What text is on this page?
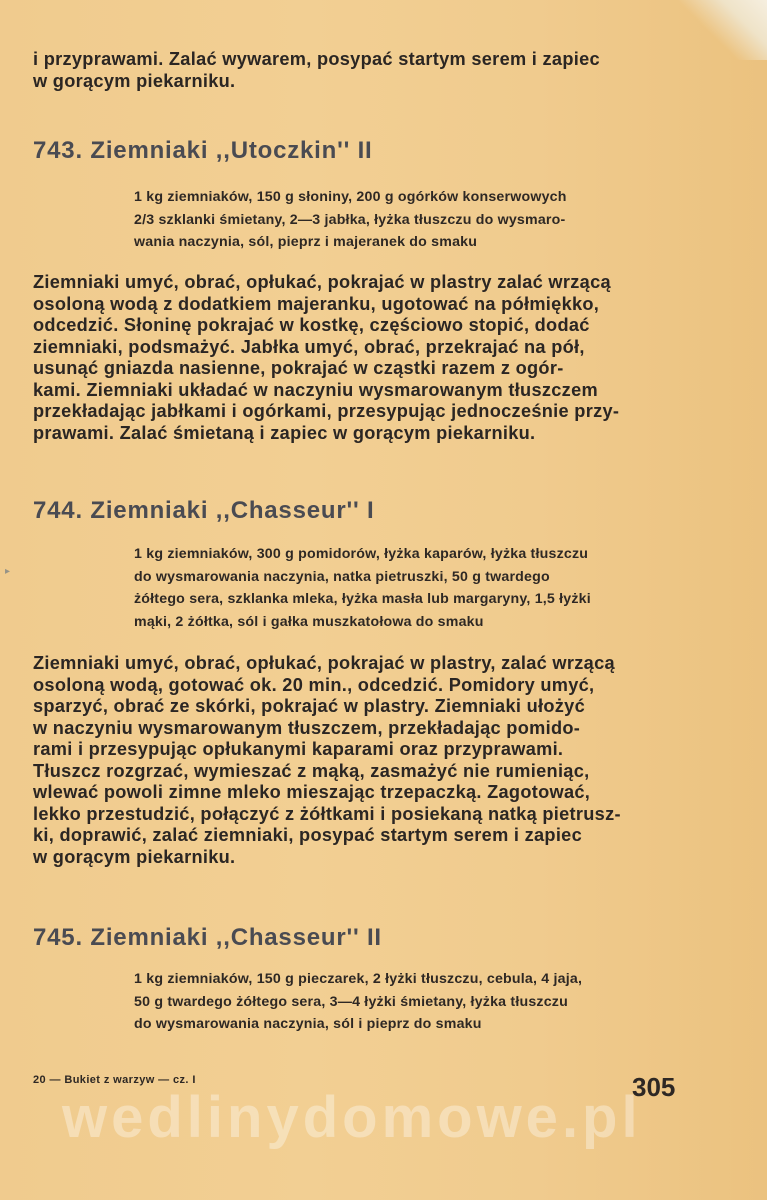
i przyprawami. Zalać wywarem, posypać startym serem i zapiec
w gorącym piekarniku.
743. Ziemniaki ,,Utoczkin'' II
1 kg ziemniaków, 150 g słoniny, 200 g ogórków konserwowych
2/3 szklanki śmietany, 2—3 jabłka, łyżka tłuszczu do wysmaro-
wania naczynia, sól, pieprz i majeranek do smaku
Ziemniaki umyć, obrać, opłukać, pokrajać w plastry zalać wrzącą
osoloną wodą z dodatkiem majeranku, ugotować na półmiękko,
odcedzić. Słoninę pokrajać w kostkę, częściowo stopić, dodać
ziemniaki, podsmażyć. Jabłka umyć, obrać, przekrajać na pół,
usunąć gniazda nasienne, pokrajać w cząstki razem z ogór-
kami. Ziemniaki układać w naczyniu wysmarowanym tłuszczem
przekładając jabłkami i ogórkami, przesypując jednocześnie przy-
prawami. Zalać śmietaną i zapiec w gorącym piekarniku.
744. Ziemniaki ,,Chasseur'' I
▸
1 kg ziemniaków, 300 g pomidorów, łyżka kaparów, łyżka tłuszczu
do wysmarowania naczynia, natka pietruszki, 50 g twardego
żółtego sera, szklanka mleka, łyżka masła lub margaryny, 1,5 łyżki
mąki, 2 żółtka, sól i gałka muszkatołowa do smaku
Ziemniaki umyć, obrać, opłukać, pokrajać w plastry, zalać wrzącą
osoloną wodą, gotować ok. 20 min., odcedzić. Pomidory umyć,
sparzyć, obrać ze skórki, pokrajać w plastry. Ziemniaki ułożyć
w naczyniu wysmarowanym tłuszczem, przekładając pomido-
rami i przesypując opłukanymi kaparami oraz przyprawami.
Tłuszcz rozgrzać, wymieszać z mąką, zasmażyć nie rumieniąc,
wlewać powoli zimne mleko mieszając trzepaczką. Zagotować,
lekko przestudzić, połączyć z żółtkami i posiekaną natką pietrusz-
ki, doprawić, zalać ziemniaki, posypać startym serem i zapiec
w gorącym piekarniku.
745. Ziemniaki ,,Chasseur'' II
1 kg ziemniaków, 150 g pieczarek, 2 łyżki tłuszczu, cebula, 4 jaja,
50 g twardego żółtego sera, 3—4 łyżki śmietany, łyżka tłuszczu
do wysmarowania naczynia, sól i pieprz do smaku
20 — Bukiet z warzyw — cz. I	305
wedlinydomowe.pl
